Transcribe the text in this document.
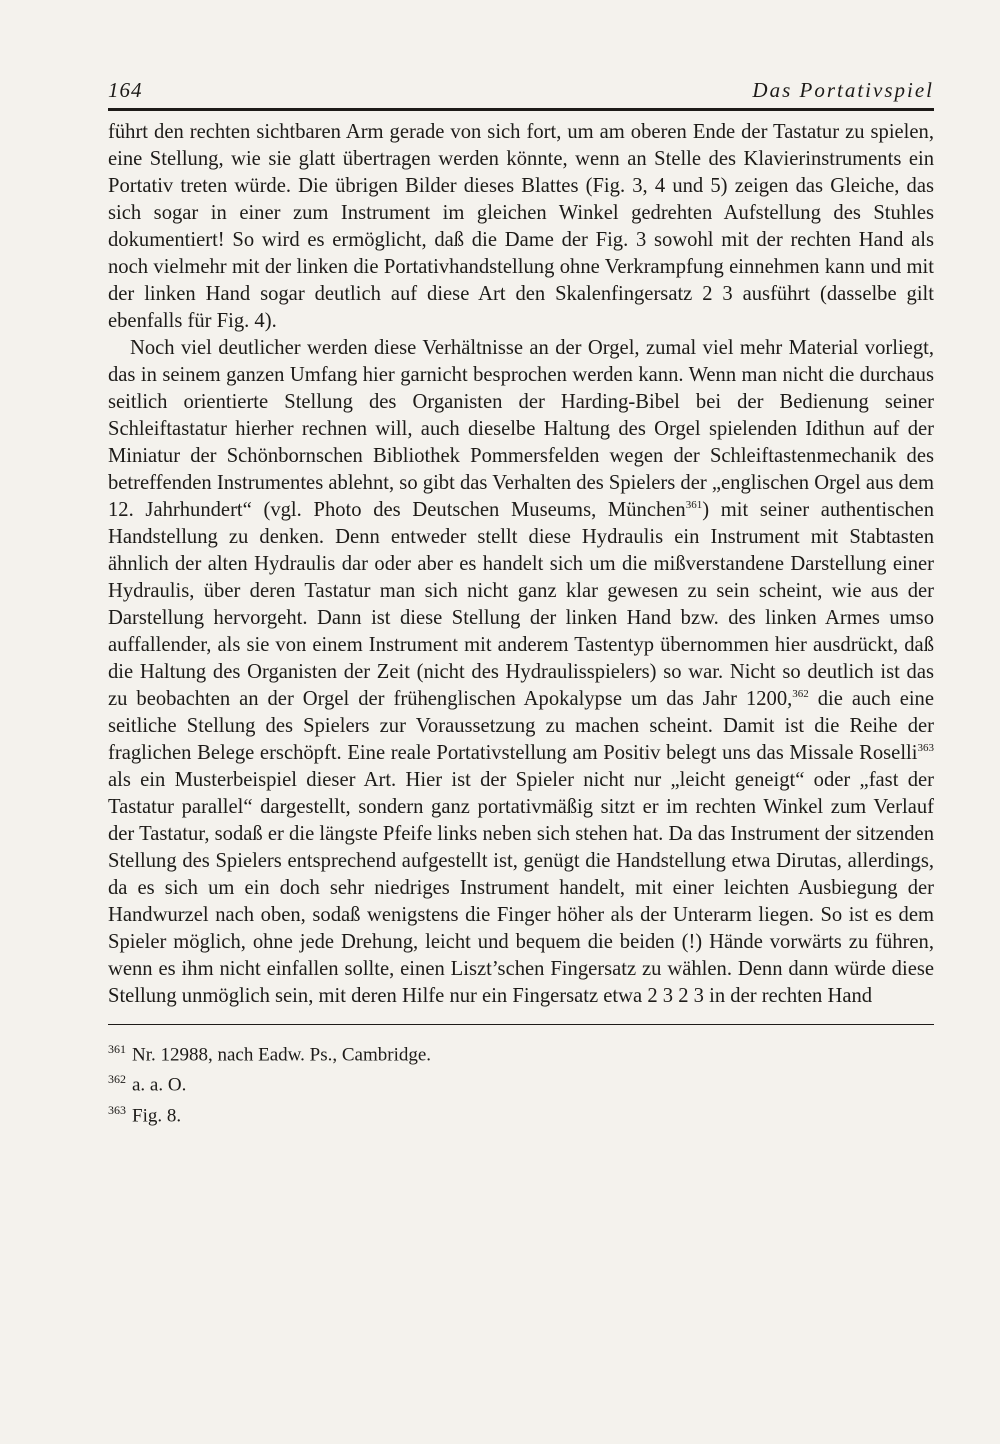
164	Das Portativspiel

führt den rechten sichtbaren Arm gerade von sich fort, um am oberen Ende der Tastatur zu spielen, eine Stellung, wie sie glatt übertragen werden könnte, wenn an Stelle des Klavierinstruments ein Portativ treten würde. Die übrigen Bilder dieses Blattes (Fig. 3, 4 und 5) zeigen das Gleiche, das sich sogar in einer zum Instrument im gleichen Winkel gedrehten Aufstellung des Stuhles dokumentiert! So wird es ermöglicht, daß die Dame der Fig. 3 sowohl mit der rechten Hand als noch vielmehr mit der linken die Portativhandstellung ohne Verkrampfung einnehmen kann und mit der linken Hand sogar deutlich auf diese Art den Skalenfingersatz 2 3 ausführt (dasselbe gilt ebenfalls für Fig. 4).

Noch viel deutlicher werden diese Verhältnisse an der Orgel, zumal viel mehr Material vorliegt, das in seinem ganzen Umfang hier garnicht besprochen werden kann. Wenn man nicht die durchaus seitlich orientierte Stellung des Organisten der Harding-Bibel bei der Bedienung seiner Schleiftastatur hierher rechnen will, auch dieselbe Haltung des Orgel spielenden Idithun auf der Miniatur der Schönbornschen Bibliothek Pommersfelden wegen der Schleiftastenmechanik des betreffenden Instrumentes ablehnt, so gibt das Verhalten des Spielers der „englischen Orgel aus dem 12. Jahrhundert“ (vgl. Photo des Deutschen Museums, München$^{361}$) mit seiner authentischen Handstellung zu denken. Denn entweder stellt diese Hydraulis ein Instrument mit Stabtasten ähnlich der alten Hydraulis dar oder aber es handelt sich um die mißverstandene Darstellung einer Hydraulis, über deren Tastatur man sich nicht ganz klar gewesen zu sein scheint, wie aus der Darstellung hervorgeht. Dann ist diese Stellung der linken Hand bzw. des linken Armes umso auffallender, als sie von einem Instrument mit anderem Tastentyp übernommen hier ausdrückt, daß die Haltung des Organisten der Zeit (nicht des Hydraulisspielers) so war. Nicht so deutlich ist das zu beobachten an der Orgel der frühenglischen Apokalypse um das Jahr 1200,$^{362}$ die auch eine seitliche Stellung des Spielers zur Voraussetzung zu machen scheint. Damit ist die Reihe der fraglichen Belege erschöpft. Eine reale Portativstellung am Positiv belegt uns das Missale Roselli$^{363}$ als ein Musterbeispiel dieser Art. Hier ist der Spieler nicht nur „leicht geneigt“ oder „fast der Tastatur parallel“ dargestellt, sondern ganz portativmäßig sitzt er im rechten Winkel zum Verlauf der Tastatur, sodaß er die längste Pfeife links neben sich stehen hat. Da das Instrument der sitzenden Stellung des Spielers entsprechend aufgestellt ist, genügt die Handstellung etwa Dirutas, allerdings, da es sich um ein doch sehr niedriges Instrument handelt, mit einer leichten Ausbiegung der Handwurzel nach oben, sodaß wenigstens die Finger höher als der Unterarm liegen. So ist es dem Spieler möglich, ohne jede Drehung, leicht und bequem die beiden (!) Hände vorwärts zu führen, wenn es ihm nicht einfallen sollte, einen Liszt’schen Fingersatz zu wählen. Denn dann würde diese Stellung unmöglich sein, mit deren Hilfe nur ein Fingersatz etwa 2 3 2 3 in der rechten Hand

$^{361}$ Nr. 12988, nach Eadw. Ps., Cambridge.
$^{362}$ a. a. O.
$^{363}$ Fig. 8.
